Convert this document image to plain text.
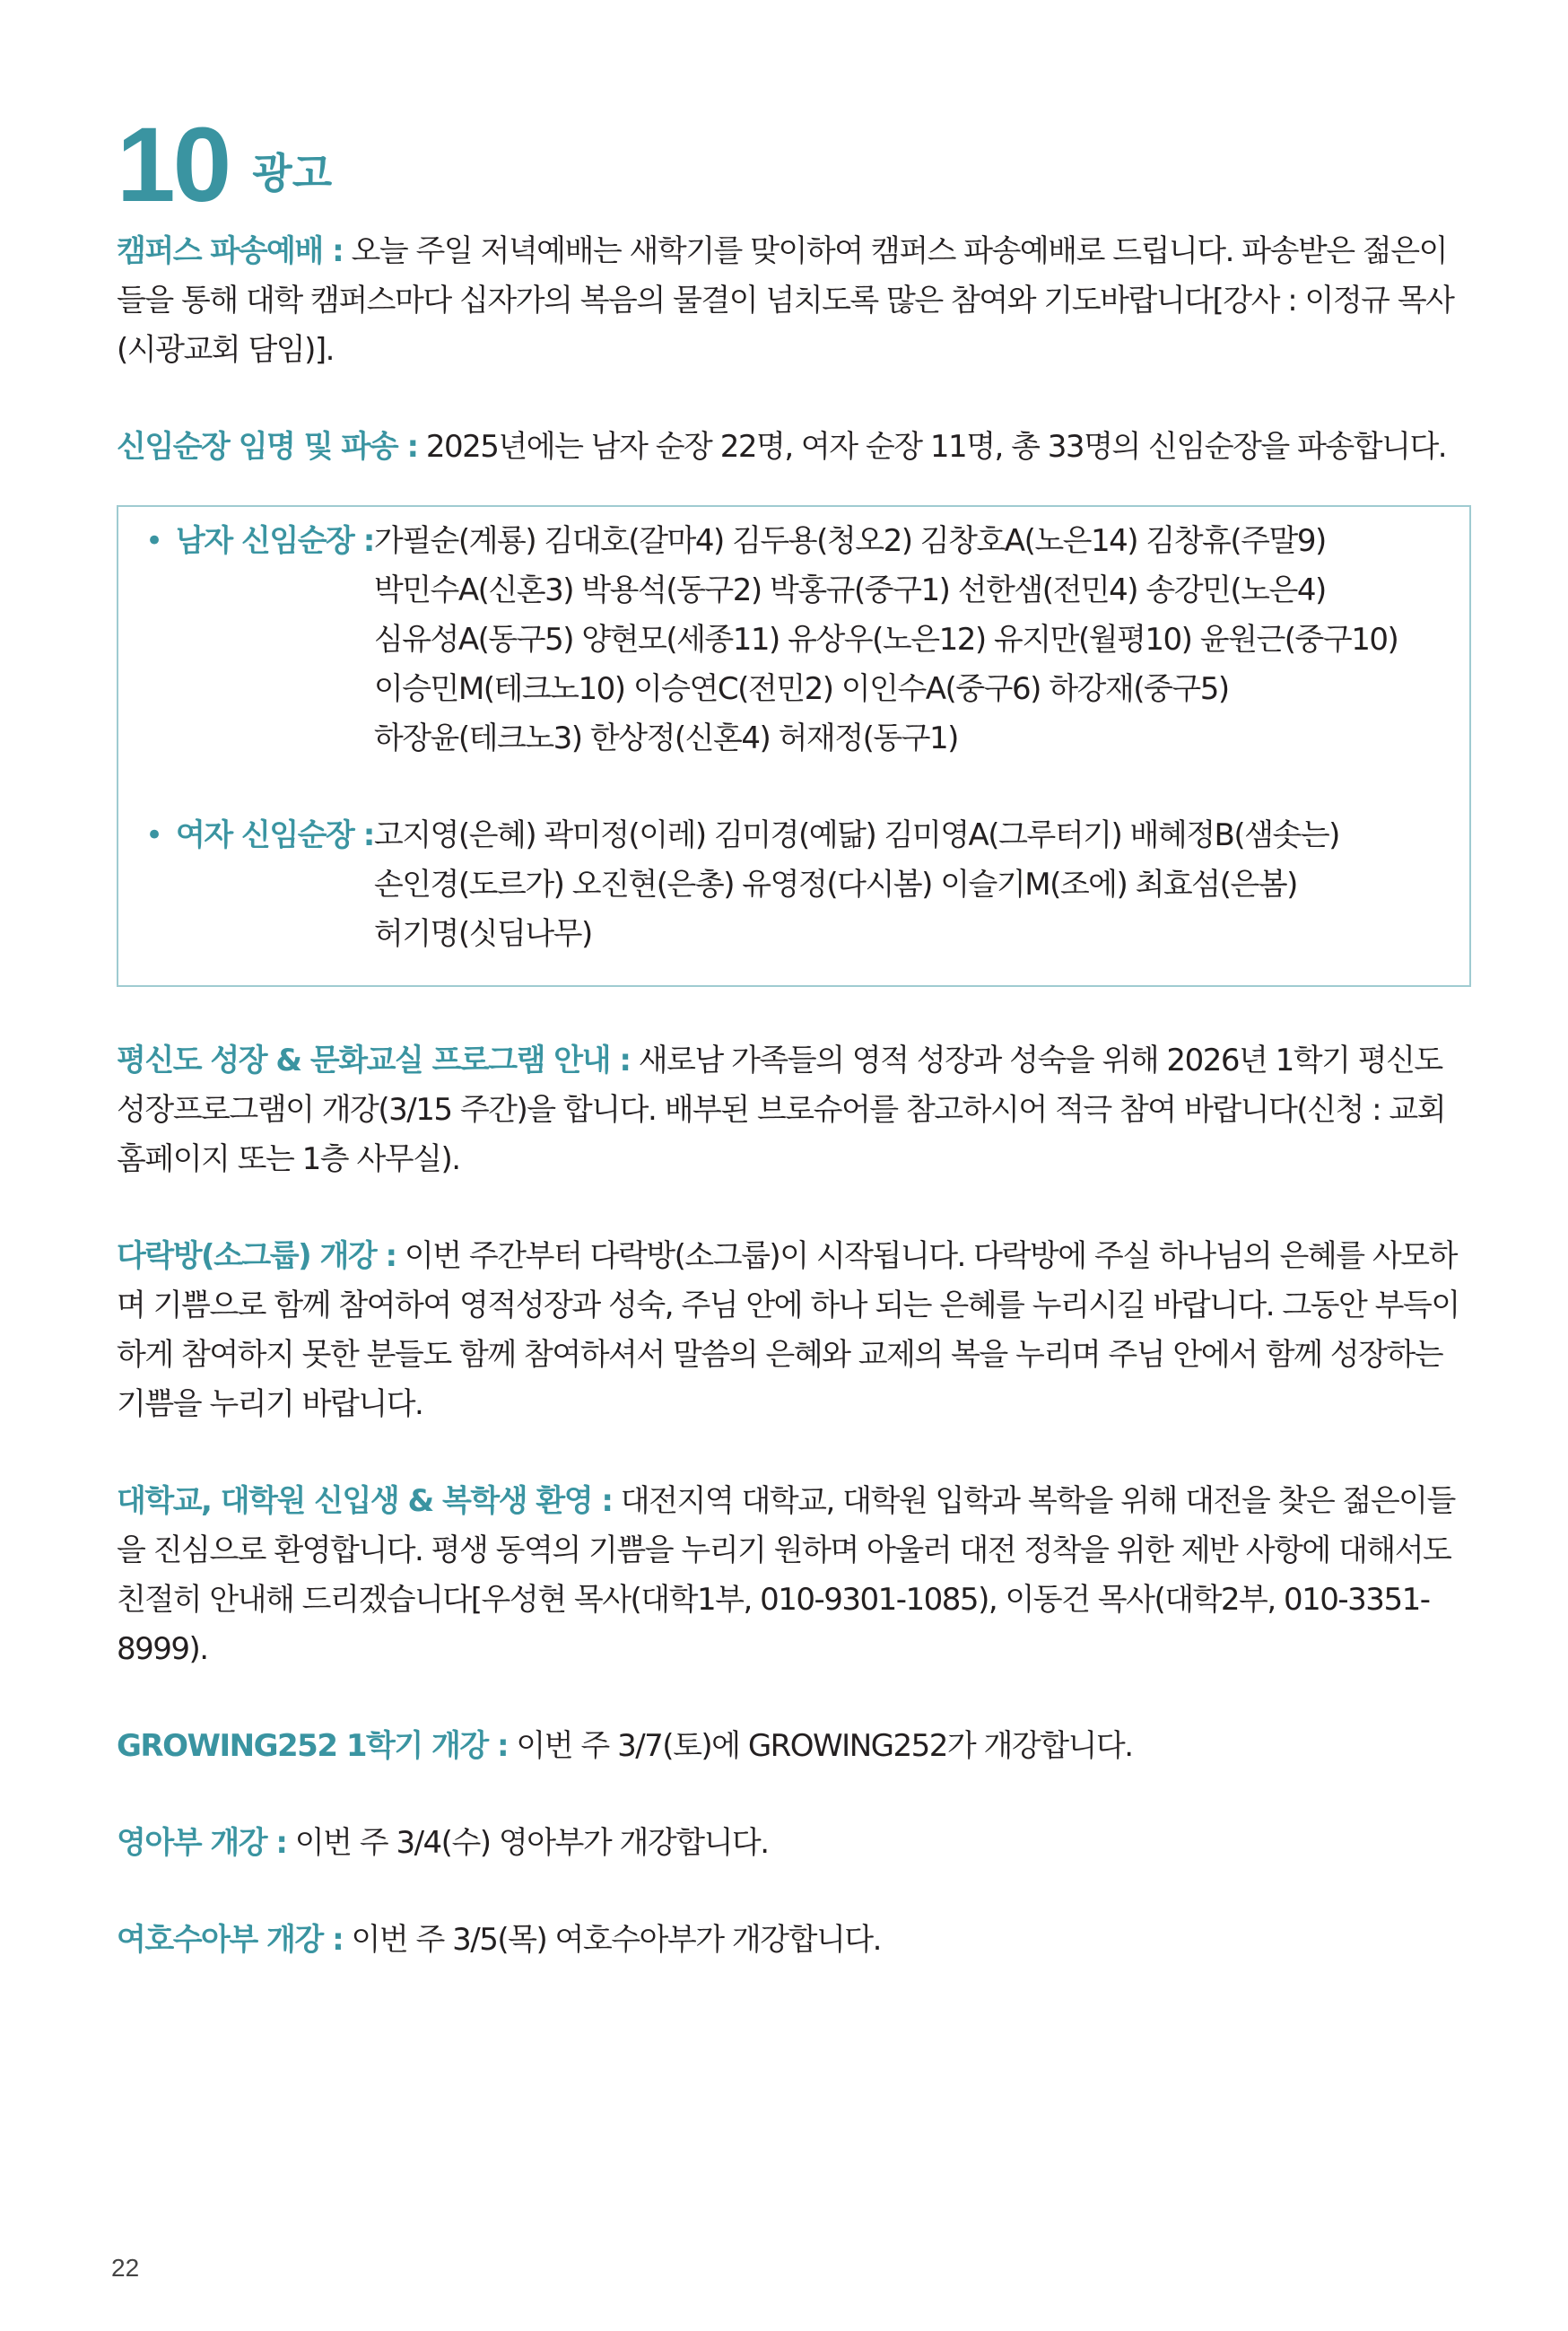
10 광고

캠퍼스 파송예배 : 오늘 주일 저녁예배는 새학기를 맞이하여 캠퍼스 파송예배로 드립니다. 파송받은 젊은이들을 통해 대학 캠퍼스마다 십자가의 복음의 물결이 넘치도록 많은 참여와 기도바랍니다[강사 : 이정규 목사(시광교회 담임)].

신임순장 임명 및 파송 : 2025년에는 남자 순장 22명, 여자 순장 11명, 총 33명의 신임순장을 파송합니다.

• 남자 신임순장 : 가필순(계룡) 김대호(갈마4) 김두용(청오2) 김창호A(노은14) 김창휴(주말9)
박민수A(신혼3) 박용석(동구2) 박홍규(중구1) 선한샘(전민4) 송강민(노은4)
심유성A(동구5) 양현모(세종11) 유상우(노은12) 유지만(월평10) 윤원근(중구10)
이승민M(테크노10) 이승연C(전민2) 이인수A(중구6) 하강재(중구5)
하장윤(테크노3) 한상정(신혼4) 허재정(동구1)
• 여자 신임순장 : 고지영(은혜) 곽미정(이레) 김미경(예닮) 김미영A(그루터기) 배혜정B(샘솟는)
손인경(도르가) 오진현(은총) 유영정(다시봄) 이슬기M(조에) 최효섬(은봄)
허기명(싯딤나무)

평신도 성장 & 문화교실 프로그램 안내 : 새로남 가족들의 영적 성장과 성숙을 위해 2026년 1학기 평신도 성장프로그램이 개강(3/15 주간)을 합니다. 배부된 브로슈어를 참고하시어 적극 참여 바랍니다(신청 : 교회 홈페이지 또는 1층 사무실).

다락방(소그룹) 개강 : 이번 주간부터 다락방(소그룹)이 시작됩니다. 다락방에 주실 하나님의 은혜를 사모하며 기쁨으로 함께 참여하여 영적성장과 성숙, 주님 안에 하나 되는 은혜를 누리시길 바랍니다. 그동안 부득이하게 참여하지 못한 분들도 함께 참여하셔서 말씀의 은혜와 교제의 복을 누리며 주님 안에서 함께 성장하는 기쁨을 누리기 바랍니다.

대학교, 대학원 신입생 & 복학생 환영 : 대전지역 대학교, 대학원 입학과 복학을 위해 대전을 찾은 젊은이들을 진심으로 환영합니다. 평생 동역의 기쁨을 누리기 원하며 아울러 대전 정착을 위한 제반 사항에 대해서도 친절히 안내해 드리겠습니다[우성현 목사(대학1부, 010-9301-1085), 이동건 목사(대학2부, 010-3351-8999).

GROWING252 1학기 개강 : 이번 주 3/7(토)에 GROWING252가 개강합니다.

영아부 개강 : 이번 주 3/4(수) 영아부가 개강합니다.

여호수아부 개강 : 이번 주 3/5(목) 여호수아부가 개강합니다.

22
